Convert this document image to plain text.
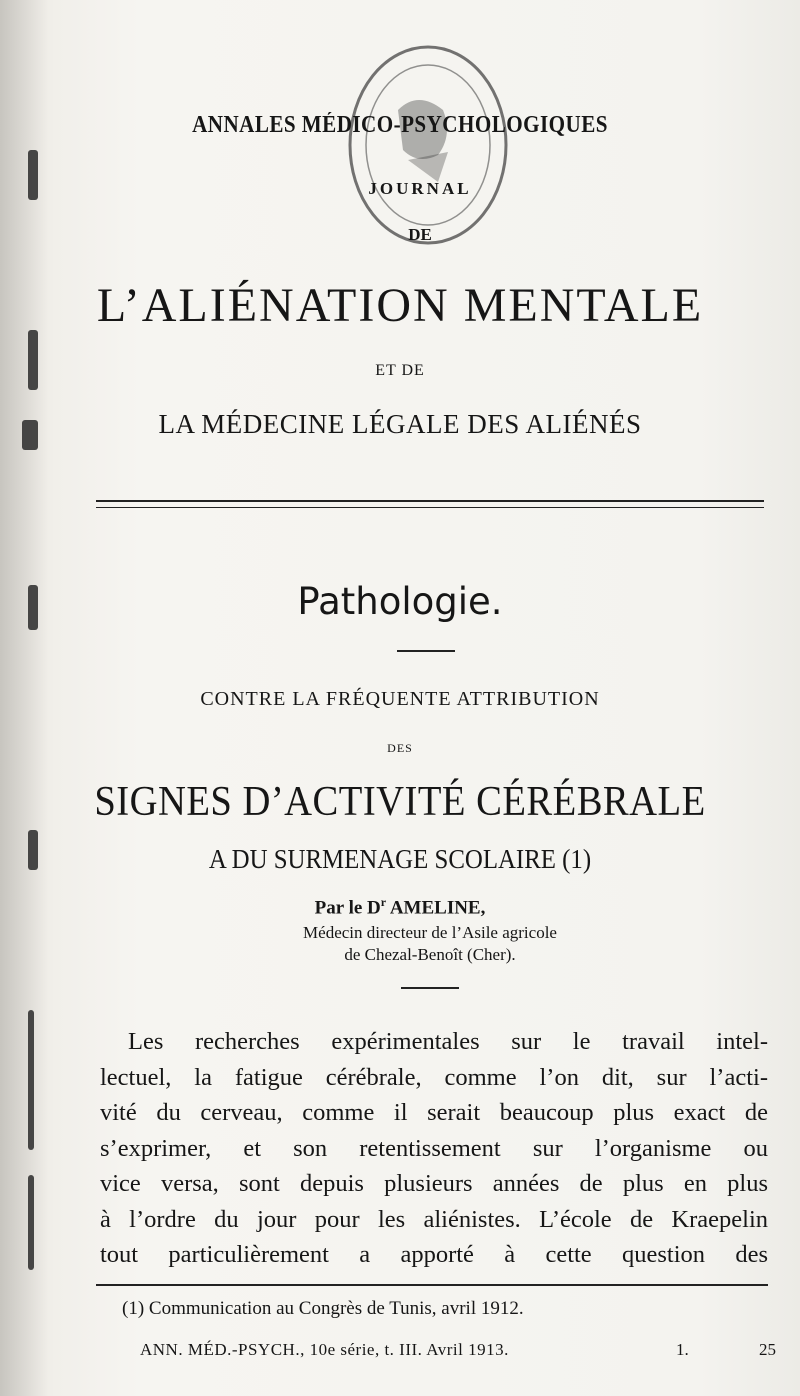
ANNALES MÉDICO-PSYCHOLOGIQUES
JOURNAL
DE
L’ALIÉNATION MENTALE
ET DE
LA MÉDECINE LÉGALE DES ALIÉNÉS
Pathologie.
CONTRE LA FRÉQUENTE ATTRIBUTION
DES
SIGNES D’ACTIVITÉ CÉRÉBRALE
A DU SURMENAGE SCOLAIRE (1)
Par le $D^r$ AMELINE,
Médecin directeur de l’Asile agricole
de Chezal-Benoît (Cher).
Les recherches expérimentales sur le travail intel-
lectuel, la fatigue cérébrale, comme l’on dit, sur l’acti-
vité du cerveau, comme il serait beaucoup plus exact de
s’exprimer, et son retentissement sur l’organisme ou
vice versa, sont depuis plusieurs années de plus en plus
à l’ordre du jour pour les aliénistes. L’école de Kraepelin
tout particulièrement a apporté à cette question des
(1) Communication au Congrès de Tunis, avril 1912.
ANN. MÉD.-PSYCH., 10e série, t. III. Avril 1913.	1.	25
